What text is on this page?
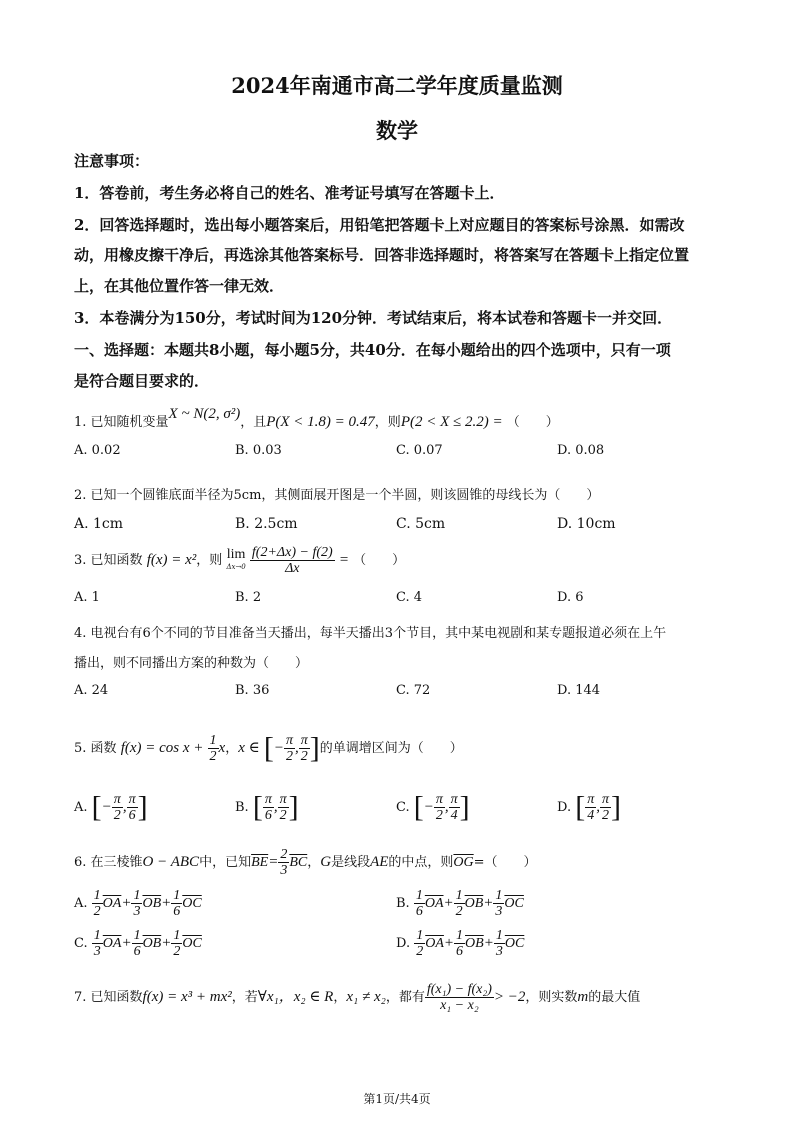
2024年南通市高二学年度质量监测
数学
注意事项：
1．答卷前，考生务必将自己的姓名、准考证号填写在答题卡上．
2．回答选择题时，选出每小题答案后，用铅笔把答题卡上对应题目的答案标号涂黑．如需改
动，用橡皮擦干净后，再选涂其他答案标号．回答非选择题时，将答案写在答题卡上指定位置
上，在其他位置作答一律无效．
3．本卷满分为150分，考试时间为120分钟．考试结束后，将本试卷和答题卡一并交回．
一、选择题：本题共8小题，每小题5分，共40分．在每小题给出的四个选项中，只有一项
是符合题目要求的．
1. 已知随机变量X ~ N(2, σ²)，且P(X < 1.8) = 0.47，则P(2 < X ≤ 2.2) = （　　）
A. 0.02	B. 0.03	C. 0.07	D. 0.08
2. 已知一个圆锥底面半径为5cm，其侧面展开图是一个半圆，则该圆锥的母线长为（　　）
A. 1cm	B. 2.5cm	C. 5cm	D. 10cm
3. 已知函数 f(x) = x²，则 lim
Δx→0
$\frac{f(2+\Delta x) - f(2)}{\Delta x}$ = （　　）
A. 1	B. 2	C. 4	D. 6
4. 电视台有6个不同的节目准备当天播出，每半天播出3个节目，其中某电视剧和某专题报道必须在上午
播出，则不同播出方案的种数为（　　）
A. 24	B. 36	C. 72	D. 144
5. 函数 $f(x) = \cos x + \frac{1}{2}$ x，x ∈ [− $\frac{\pi}{2}$ , $\frac{\pi}{2}$ ]的单调增区间为（　　）
A. [− $\frac{\pi}{2}$ , $\frac{\pi}{6}$ ]	B. [ $\frac{\pi}{6}$ , $\frac{\pi}{2}$ ]	C. [− $\frac{\pi}{2}$ , $\frac{\pi}{4}$ ]	D. [ $\frac{\pi}{4}$ , $\frac{\pi}{2}$ ]
6. 在三棱锥O − ABC中，已知$\overline{BE}= \frac{2}{3} \overline{BC}$，G是线段AE的中点，则$\overline{OG}=$（　　）
A. $\frac{1}{2} \overline{OA}+ \frac{1}{3} \overline{OB}+ \frac{1}{6} \overline{OC}$	B. $\frac{1}{6} \overline{OA}+ \frac{1}{2} \overline{OB}+ \frac{1}{3} \overline{OC}$
C. $\frac{1}{3} \overline{OA}+ \frac{1}{6} \overline{OB}+ \frac{1}{2} \overline{OC}$	D. $\frac{1}{2} \overline{OA}+ \frac{1}{6} \overline{OB}+ \frac{1}{3} \overline{OC}$
7. 已知函数f(x) = x³ + mx²，若∀x₁，x₂ ∈ R，x₁ ≠ x₂，都有 $\frac{\text{f(x₁) − f(x₂)}}{\text{x₁ − x₂}} > -2$，则实数m的最大值
第1页/共4页
